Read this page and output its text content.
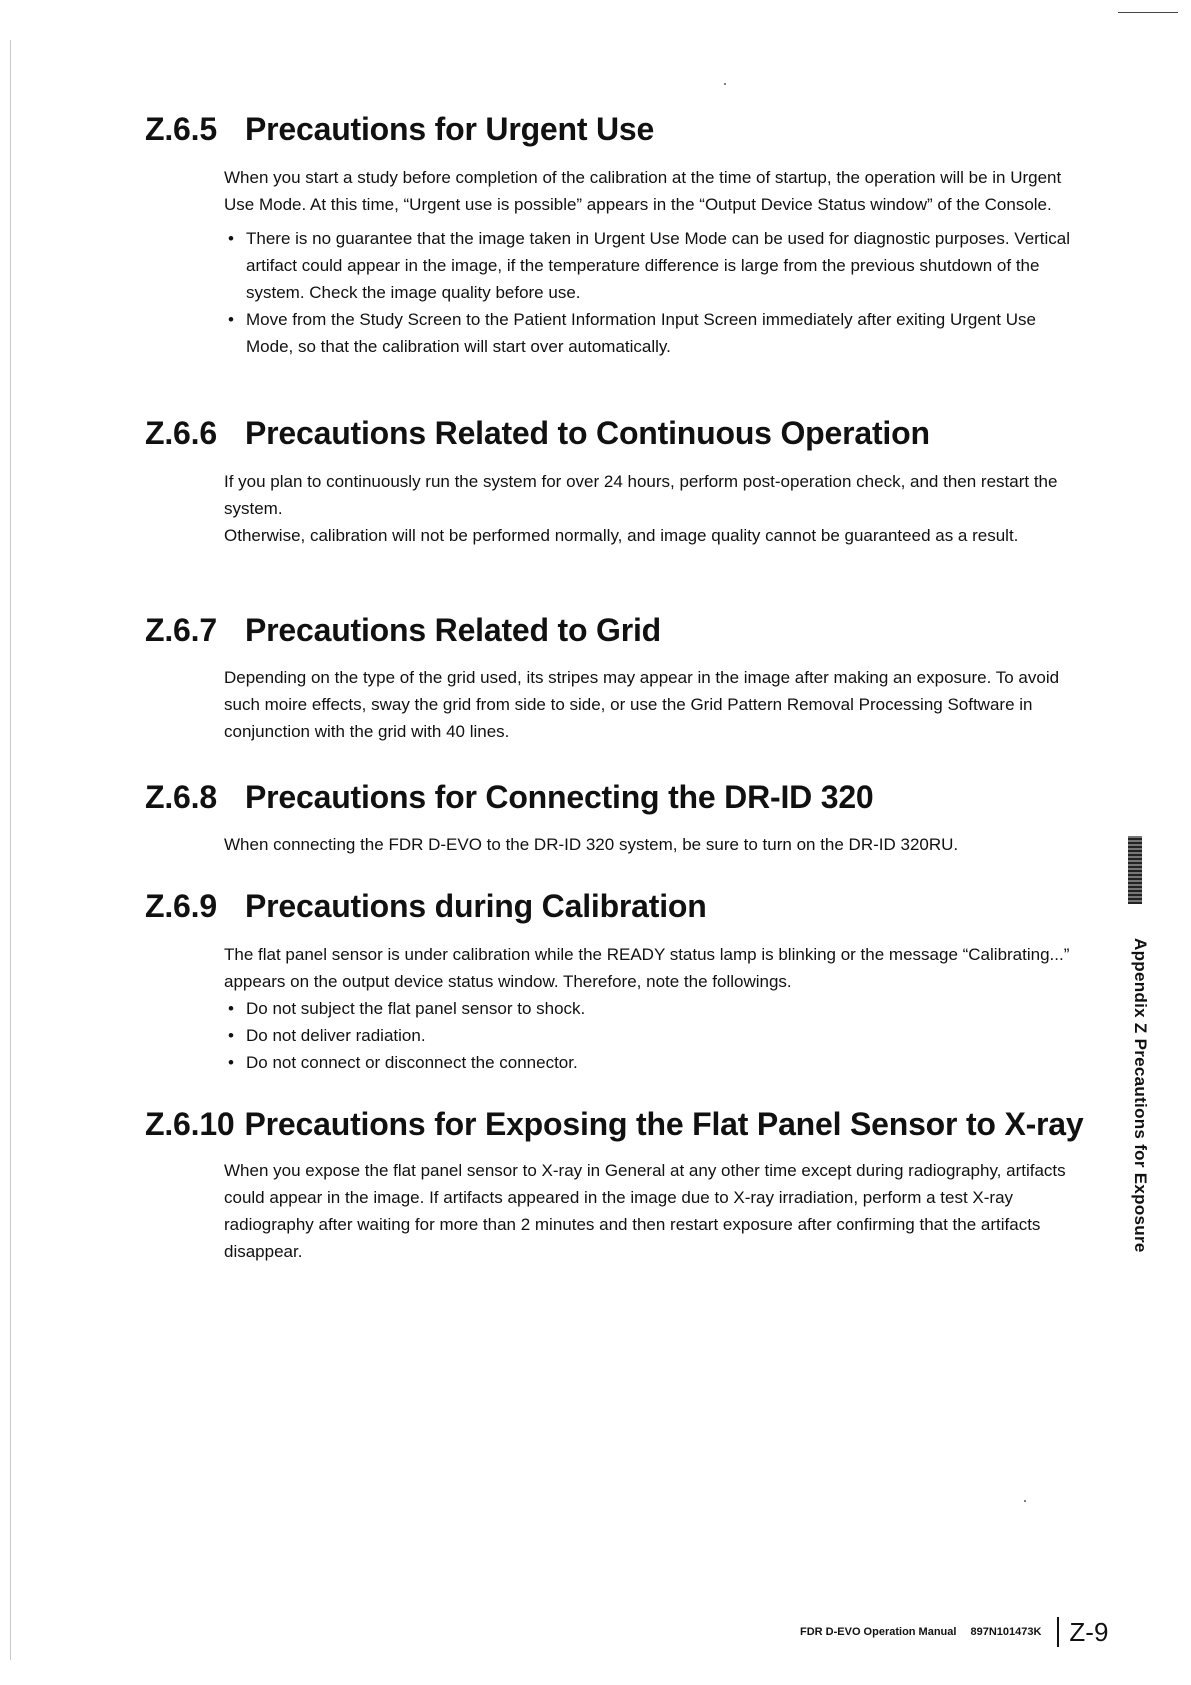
Z.6.5 Precautions for Urgent Use

When you start a study before completion of the calibration at the time of startup, the operation will be in Urgent Use Mode. At this time, “Urgent use is possible” appears in the “Output Device Status window” of the Console.

• There is no guarantee that the image taken in Urgent Use Mode can be used for diagnostic purposes. Vertical artifact could appear in the image, if the temperature difference is large from the previous shutdown of the system. Check the image quality before use.
• Move from the Study Screen to the Patient Information Input Screen immediately after exiting Urgent Use Mode, so that the calibration will start over automatically.
Z.6.6 Precautions Related to Continuous Operation

If you plan to continuously run the system for over 24 hours, perform post-operation check, and then restart the system.

Otherwise, calibration will not be performed normally, and image quality cannot be guaranteed as a result.

Z.6.7 Precautions Related to Grid

Depending on the type of the grid used, its stripes may appear in the image after making an exposure. To avoid such moire effects, sway the grid from side to side, or use the Grid Pattern Removal Processing Software in conjunction with the grid with 40 lines.

Z.6.8 Precautions for Connecting the DR-ID 320

When connecting the FDR D-EVO to the DR-ID 320 system, be sure to turn on the DR-ID 320RU.

Z.6.9 Precautions during Calibration

The flat panel sensor is under calibration while the READY status lamp is blinking or the message “Calibrating...” appears on the output device status window. Therefore, note the followings.

• Do not subject the flat panel sensor to shock.
• Do not deliver radiation.
• Do not connect or disconnect the connector.
Z.6.10 Precautions for Exposing the Flat Panel Sensor to X-ray

When you expose the flat panel sensor to X-ray in General at any other time except during radiography, artifacts could appear in the image. If artifacts appeared in the image due to X-ray irradiation, perform a test X-ray radiography after waiting for more than 2 minutes and then restart exposure after confirming that the artifacts disappear.	Appendix Z Precautions for Exposure
FDR D-EVO Operation Manual 897N101473K Z-9
